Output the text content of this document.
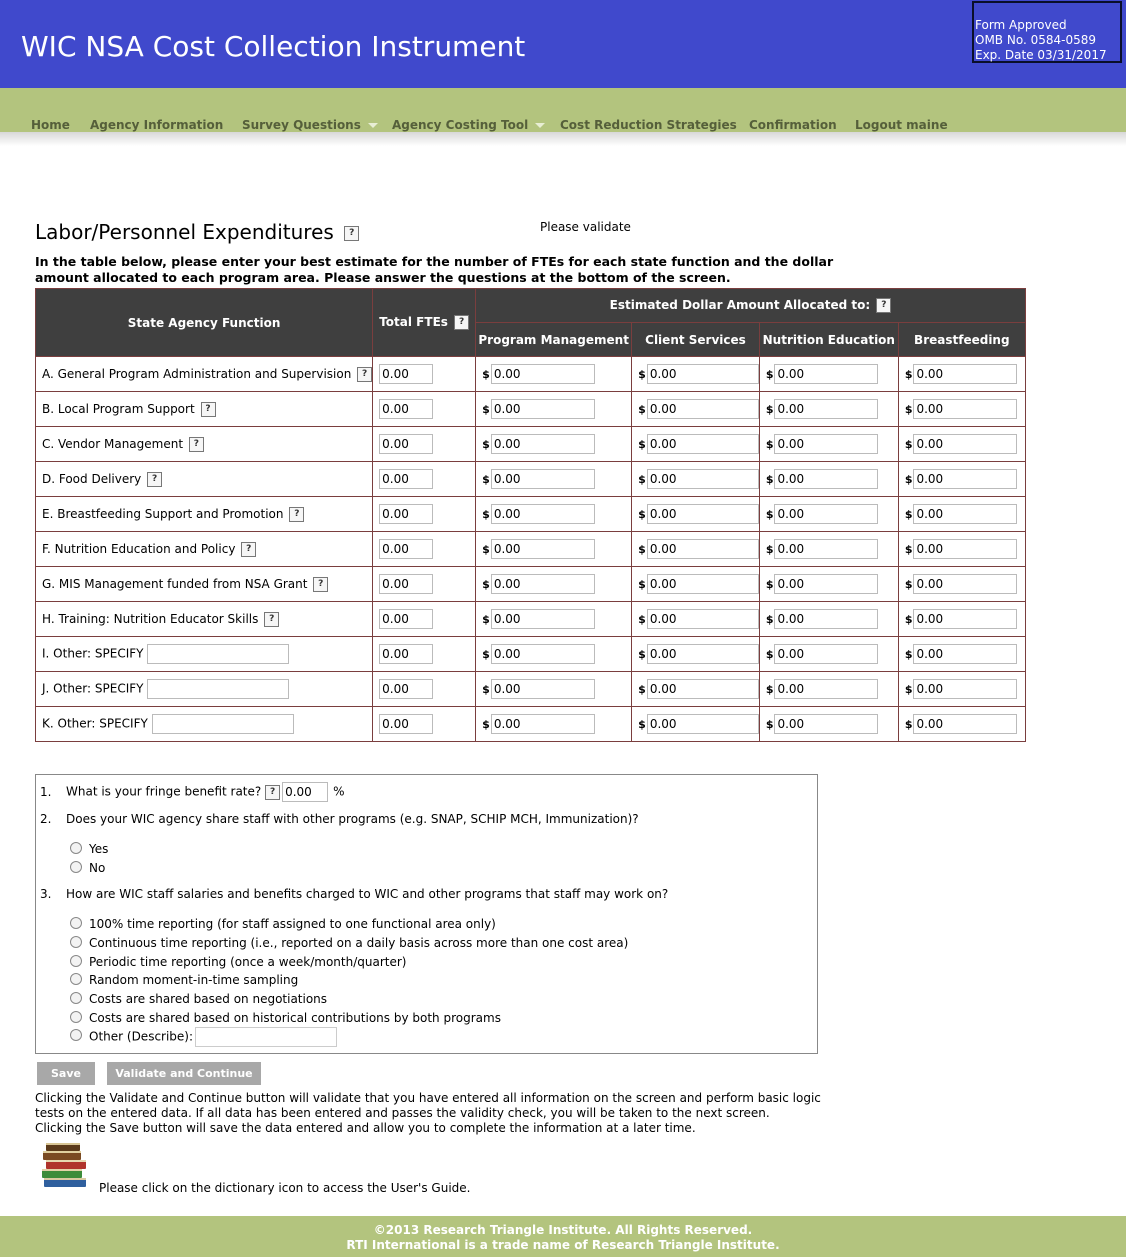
WIC NSA Cost Collection Instrument
Form Approved
OMB No. 0584-0589
Exp. Date 03/31/2017
Home Agency Information Survey Questions	Agency Costing Tool	Cost Reduction Strategies Confirmation Logout maine
Labor/Personnel Expenditures ?	Please validate
In the table below, please enter your best estimate for the number of FTEs for each state function and the dollar amount allocated to each program area. Please answer the questions at the bottom of the screen.
State Agency Function	Total FTEs ?	Estimated Dollar Amount Allocated to: ?			
		Program Management	Client Services	Nutrition Education	Breastfeeding
A. General Program Administration and Supervision ?	0.00	$0.00	$0.00	$0.00	$0.00
B. Local Program Support ?	0.00	$0.00	$0.00	$0.00	$0.00
C. Vendor Management ?	0.00	$0.00	$0.00	$0.00	$0.00
D. Food Delivery ?	0.00	$0.00	$0.00	$0.00	$0.00
E. Breastfeeding Support and Promotion ?	0.00	$0.00	$0.00	$0.00	$0.00
F. Nutrition Education and Policy ?	0.00	$0.00	$0.00	$0.00	$0.00
G. MIS Management funded from NSA Grant ?	0.00	$0.00	$0.00	$0.00	$0.00
H. Training: Nutrition Educator Skills ?	0.00	$0.00	$0.00	$0.00	$0.00
I. Other: SPECIFY	0.00	$0.00	$0.00	$0.00	$0.00
J. Other: SPECIFY	0.00	$0.00	$0.00	$0.00	$0.00
K. Other: SPECIFY	0.00	$0.00	$0.00	$0.00	$0.00
1. What is your fringe benefit rate? ?0.00	%
2. Does your WIC agency share staff with other programs (e.g. SNAP, SCHIP MCH, Immunization)?
Yes
No
3. How are WIC staff salaries and benefits charged to WIC and other programs that staff may work on?
100% time reporting (for staff assigned to one functional area only)
Continuous time reporting (i.e., reported on a daily basis across more than one cost area)
Periodic time reporting (once a week/month/quarter)
Random moment-in-time sampling
Costs are shared based on negotiations
Costs are shared based on historical contributions by both programs
Other (Describe):
Save	Validate and Continue
Clicking the Validate and Continue button will validate that you have entered all information on the screen and perform basic logic tests on the entered data. If all data has been entered and passes the validity check, you will be taken to the next screen.
Clicking the Save button will save the data entered and allow you to complete the information at a later time.
Please click on the dictionary icon to access the User's Guide.
©2013 Research Triangle Institute. All Rights Reserved.
RTI International is a trade name of Research Triangle Institute.
